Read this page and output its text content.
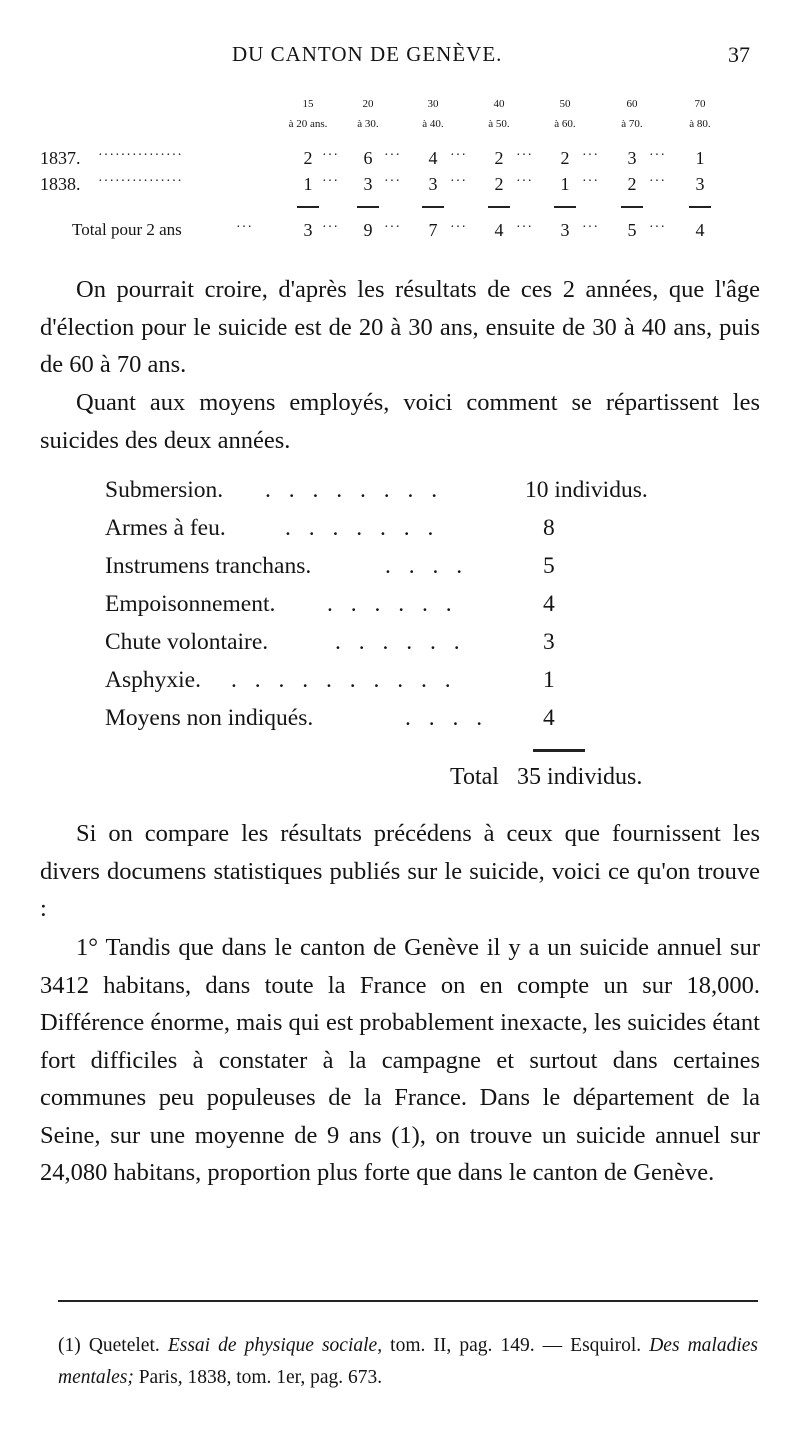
DU CANTON DE GENÈVE.	37
15	20	30	40	50	60	70
à 20 ans.	à 30.	à 40.	à 50.	à 60.	à 70.	à 80.
1837. ···············	2 ···	6 ···	4 ···	2 ···	2 ···	3 ···	1
1838. ···············	1 ···	3 ···	3 ···	2 ···	1 ···	2 ···	3
Total pour 2 ans	···	3 ···	9 ···	7 ···	4 ···	3 ···	5 ···	4

On pourrait croire, d'après les résultats de ces 2 années, que l'âge d'élection pour le suicide est de 20 à 30 ans, ensuite de 30 à 40 ans, puis de 60 à 70 ans.

Quant aux moyens employés, voici comment se répartissent les suicides des deux années.

Submersion. . . . . . . . .	10 individus.
Armes à feu.	. . . . . . .	8
Instrumens tranchans.	. . . .	5
Empoisonnement. . . . . . .	4
Chute volontaire.	. . . . . .	3
Asphyxie. . . . . . . . . . .	1
Moyens non indiqués.	. . . . 4
Total 35 individus.

Si on compare les résultats précédens à ceux que fournissent les divers documens statistiques publiés sur le suicide, voici ce qu'on trouve :

1° Tandis que dans le canton de Genève il y a un suicide annuel sur 3412 habitans, dans toute la France on en compte un sur 18,000. Différence énorme, mais qui est probablement inexacte, les suicides étant fort difficiles à constater à la campagne et surtout dans certaines communes peu populeuses de la France. Dans le département de la Seine, sur une moyenne de 9 ans (1), on trouve un suicide annuel sur 24,080 habitans, proportion plus forte que dans le canton de Genève.

(1) Quetelet. Essai de physique sociale, tom. II, pag. 149. — Esquirol. Des maladies mentales; Paris, 1838, tom. 1er, pag. 673.
